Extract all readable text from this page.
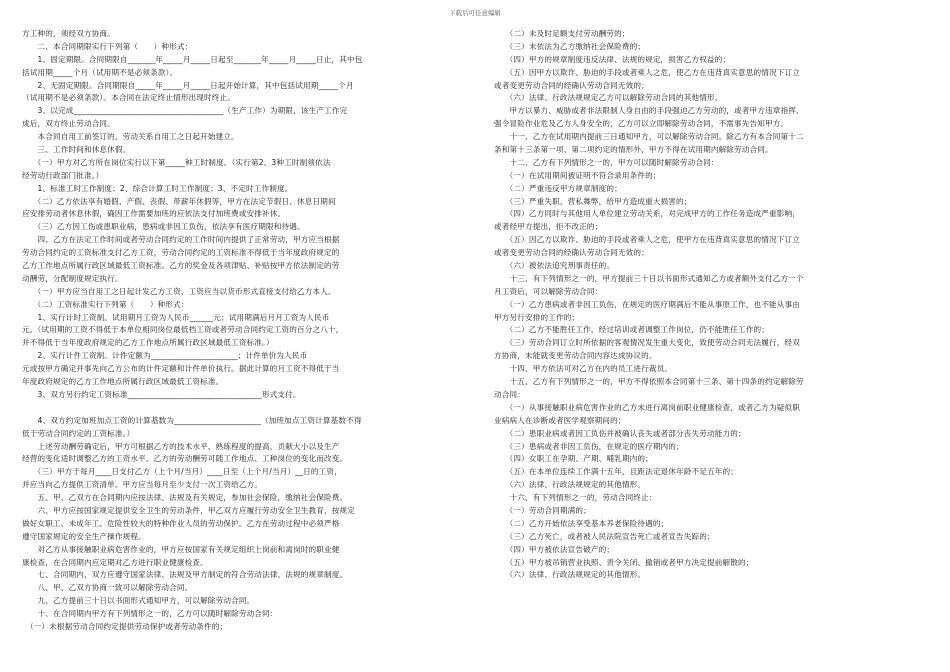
下载后可任意编辑
方工种的，须经双方协商。
　　二、本合同期限实行下列第（　　）种形式：
　　1、固定期限。合同期限自_______年_____月_____日起至_______年_____月_____日止，其中包
括试用期_____个月（试用期不是必须条款）。
　　2、无固定期限。合同期限自_____年_____月_____日起开始计算，其中包括试用期_____个月
（试用期不是必须条款）。本合同在法定终止情形出现时终止。
　　3、以完成______________________________________（生产工作）为期限，该生产工作完
成后，双方终止劳动合同。
　　本合同自用工前签订的，劳动关系自用工之日起开始建立。
　　三、工作时间和休息休假。
　　（一）甲方对乙方所在岗位实行以下第_____种工时制度。（实行第2、3种工时制须依法
经劳动行政部门批准。）
　　1、标准工时工作制度；2、综合计算工时工作制度；3、不定时工作制度。
　　（二）乙方依法享有婚假、产假、丧假、带薪年休假等，甲方在法定节假日、休息日期间
应安排劳动者休息休假，确因工作需要加班的应依法支付加班费或安排补休。
　　（三）乙方因工伤或患职业病，患病或非因工负伤，依法享有医疗期限和待遇。
　　四、乙方在法定工作时间或者劳动合同约定的工作时间内提供了正常劳动，甲方应当根据
劳动合同约定的工资标准支付乙方工资，劳动合同约定的工资标准不得低于当年度政府规定的
乙方工作地点所属行政区域最低工资标准。乙方的奖金及各项津贴、补贴按甲方依法制定的劳
动酬劳，分配制度规定执行。
　　（一）甲方应当自用工之日起计发乙方工资，工资应当以货币形式直接支付给乙方本人。
　　（二）工资标准实行下列第（　　）种形式：
　　1、实行计时工资制。试用期月工资为人民币______元；试用期满后月月工资为人民币
元。（试用期的工资不得低于本单位相同岗位最低档工资或者劳动合同约定工资的百分之八十，
并不得低于当年度政府规定的乙方工作地点所属行政区域最低工资标准。）
　　2、实行计件工资制。计件定额为______________________；计件单价为人民币
元或按甲方确定并事先向乙方公布的计件定额和计件单价执行。据此计算的月工资不得低于当
年度政府规定的乙方工作地点所属行政区域最低工资标准。
　　3、双方另行约定工资标准__________________________________形式支付。
　　4、双方约定加班加点工资的计算基数为______________________（加班加点工资计算基数不得
低于劳动合同约定的工资标准。）
　　上述劳动酬劳确定后，甲方可根据乙方的技术水平、熟练程度的提高，贡献大小以及生产
经营的变化适时调整乙方的工资水平。乙方的劳动酬劳可随工作地点、工种岗位的变化而改变。
　　（三）甲方于每月____日支付乙方（上个月/当月）____日至（上个月/当月）__日的工资，
并应当向乙方提供工资清单。甲方应当每月至少支付一次工资给乙方。
　　五、甲、乙双方在合同期内应按法律、法规及有关规定，参加社会保险，缴纳社会保险费。
　　六、甲方应按国家规定提供安全卫生的劳动条件，甲乙双方应履行劳动安全卫生教育，按规定
做好女职工、未成年工、危险性较大的特种作业人员的劳动保护。乙方在劳动过程中必须严格
遵守国家规定的安全生产操作规程。
　　对乙方从事接触职业病危害作业的，甲方应按国家有关规定组织上岗前和离岗时的职业健
康检查，在合同期内应定期对乙方进行职业健康检查。
　　七、合同期内，双方应遵守国家法律、法规及甲方制定的符合劳动法律、法规的规章制度。
　　八、甲、乙双方协商一致可以解除劳动合同。
　　九、乙方提前三十日以书面形式通知甲方，可以解除劳动合同。
　　十、在合同期内甲方有下列情形之一的，乙方可以随时解除劳动合同：
　（一）未根据劳动合同约定提供劳动保护或者劳动条件的；
　　（二）未及时足额支付劳动酬劳的；
　　（三）未依法为乙方缴纳社会保险费的；
　　（四）甲方的规章制度违反法律、法规的规定，损害乙方权益的；
　　（五）因甲方以欺诈、胁迫的手段或者乘人之危，使乙方在违背真实意思的情况下订立
或者变更劳动合同的经确认劳动合同无效的；
　　（六）法律、行政法规规定乙方可以解除劳动合同的其他情形。
　　甲方以暴力、威胁或者非法限制人身自由的手段强迫乙方劳动的，或者甲方违章指挥、
强令冒险作业危及乙方人身安全的，乙方可以立即解除劳动合同，不需事先告知甲方。
　　十一、乙方在试用期内提前三日通知甲方，可以解除劳动合同。除乙方有本合同第十二
条和第十三条第一项、第二项约定的情形外，甲方不得在试用期内解除劳动合同。
　　十二、乙方有下列情形之一的，甲方可以随时解除劳动合同：
　　（一）在试用期间被证明不符合录用条件的；
　　（二）严重违反甲方规章制度的；
　　（三）严重失职，营私舞弊，给甲方造成重大损害的；
　　（四）乙方同时与其他用人单位建立劳动关系，对完成甲方的工作任务造成严重影响，
或者经甲方提出，拒不改正的；
　　（五）因乙方以欺诈、胁迫的手段或者乘人之危，使甲方在违背真实意思的情况下订立
或者变更劳动合同的经确认劳动合同无效的；
　　（六）被依法追究刑事责任的。
　　十三、有下列情形之一的，甲方提前三十日以书面形式通知乙方或者额外支付乙方一个
月工资后，可以解除劳动合同：
　　（一）乙方患病或者非因工负伤，在规定的医疗期满后不能从事原工作，也不能从事由
甲方另行安排的工作的；
　　（二）乙方不能胜任工作，经过培训或者调整工作岗位，仍不能胜任工作的；
　　（三）劳动合同订立时所依据的客观情况发生重大变化，致使劳动合同无法履行，经双
方协商，未能就变更劳动合同内容达成协议的。
　　十四、甲方依法可对乙方在内的员工进行裁员。
　　十五、乙方有下列情形之一的，甲方不得依照本合同第十三条、第十四条的约定解除劳
动合同：
　　（一）从事接触职业病危害作业的乙方未进行离岗前职业健康检查，或者乙方为疑似职
业病病人在诊断或者医学观察期间的；
　　（二）患职业病或者因工负伤并被确认丧失或者部分丧失劳动能力的；
　　（三）患病或者非因工负伤，在规定的医疗期内的；
　　（四）女职工在孕期、产期、哺乳期内的；
　　（五）在本单位连续工作满十五年，且距法定退休年龄不足五年的；
　　（六）法律、行政法规规定的其他情形。
　　十六、有下列情形之一的，劳动合同终止：
　　（一）劳动合同期满的；
　　（二）乙方开始依法享受基本养老保险待遇的；
　　（三）乙方死亡，或者被人民法院宣告死亡或者宣告失踪的；
　　（四）甲方被依法宣告破产的；
　　（五）甲方被吊销营业执照、责令关闭、撤销或者甲方决定提前解散的；
　　（六）法律、行政法规规定的其他情形。
